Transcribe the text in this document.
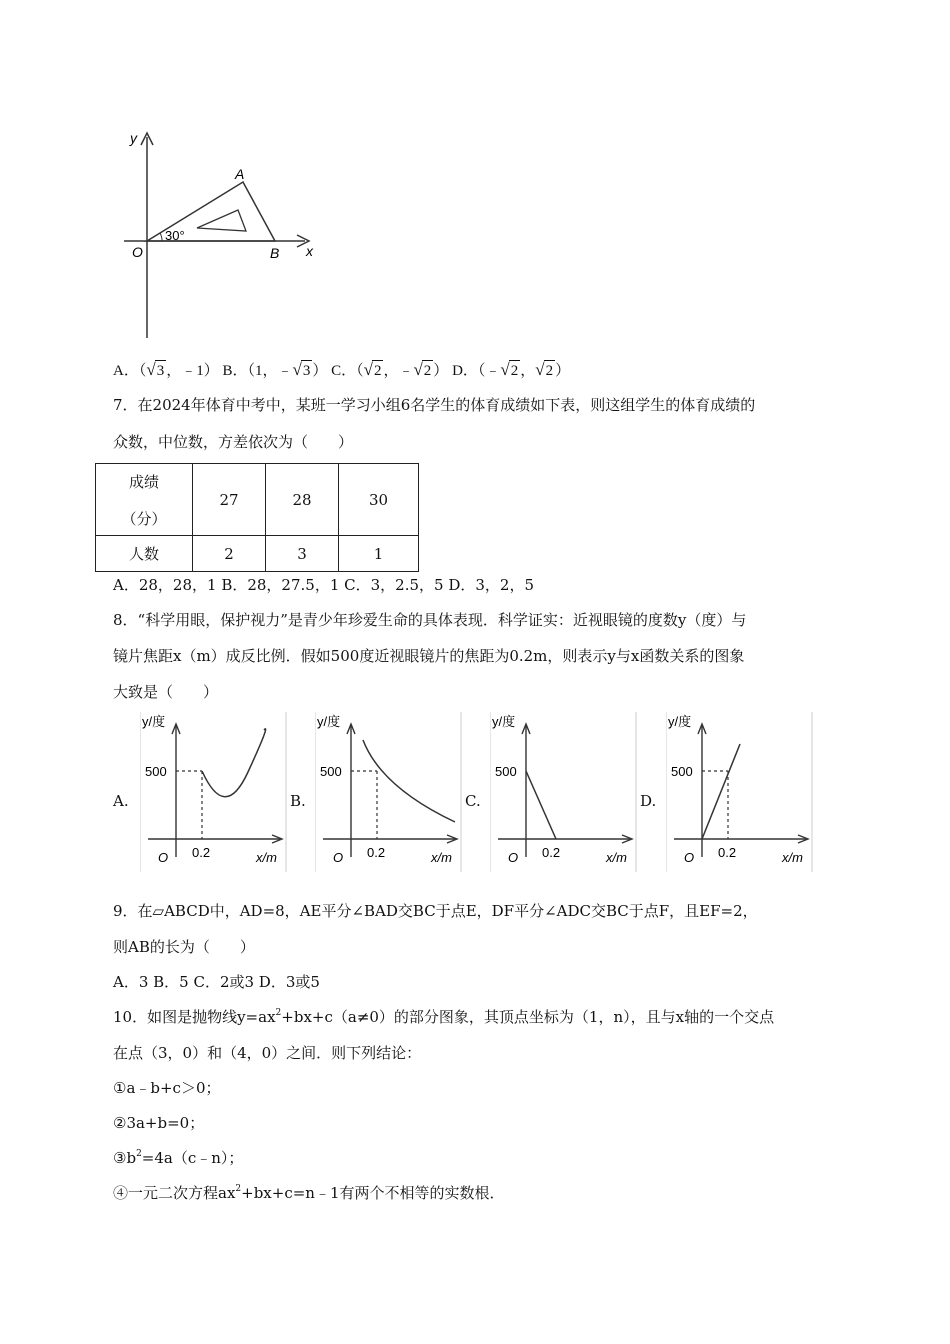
y
x
O
A
B
30°
A．（√3 ，﹣1） B．（1，﹣√3 ） C．（√2 ，﹣√2 ） D．（﹣√2 ，√2 ）
7．在2024年体育中考中，某班一学习小组6名学生的体育成绩如下表，则这组学生的体育成绩的
众数，中位数，方差依次为（　　）
成绩
（分）	27	28	30
人数	2	3	1
A．28，28，1 B．28，27.5，1 C．3，2.5，5 D．3，2，5
8．“科学用眼，保护视力”是青少年珍爱生命的具体表现．科学证实：近视眼镜的度数y（度）与
镜片焦距x（m）成反比例．假如500度近视眼镜片的焦距为0.2m，则表示y与x函数关系的图象
大致是（　　）
A.
y/度
500
O 0.2	x/m
B.
y/度
500
O 0.2	x/m
C.
y/度
500
O 0.2	x/m
D.
y/度
500
O 0.2	x/m
9．在▱ABCD中，AD=8，AE平分∠BAD交BC于点E，DF平分∠ADC交BC于点F，且EF=2，
则AB的长为（　　）
A．3 B．5 C．2或3 D．3或5
10．如图是抛物线$y=ax^2+bx+c(a\ne 0)$的部分图象，其顶点坐标为（1，n），且与x轴的一个交点
在点（3，0）和（4，0）之间．则下列结论：
①a﹣b+c＞0；
②3a+b=0；
$③b^2=4a(c﹣n)$；
④一元二次方程$ax^2+bx+c=n﹣1$有两个不相等的实数根．
